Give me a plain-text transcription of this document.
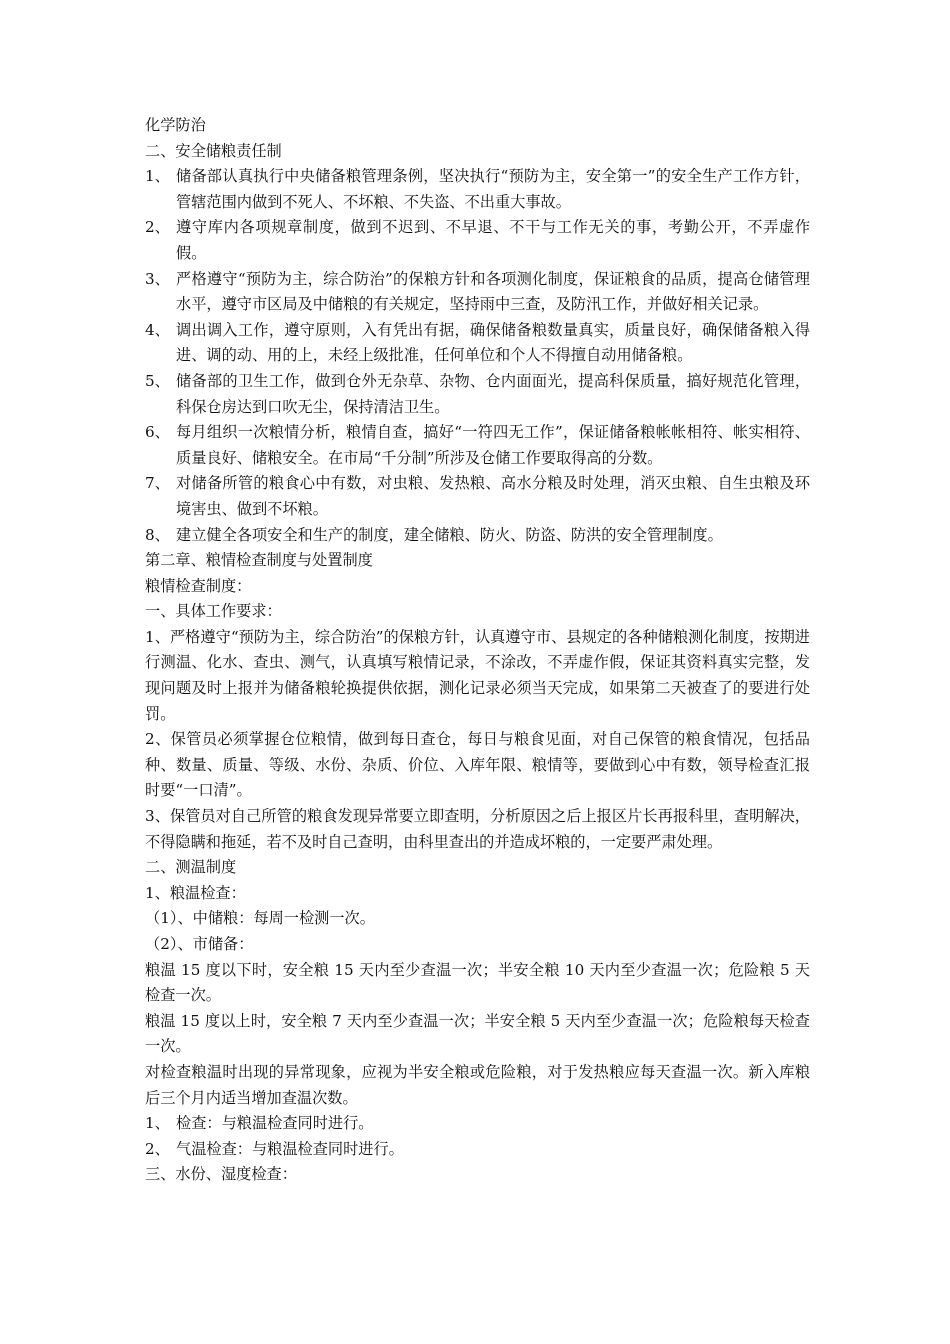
化学防治

二、安全储粮责任制

1、 储备部认真执行中央储备粮管理条例，坚决执行“预防为主，安全第一”的安全生产工作方针，管辖范围内做到不死人、不坏粮、不失盗、不出重大事故。
2、 遵守库内各项规章制度，做到不迟到、不早退、不干与工作无关的事，考勤公开，不弄虚作假。
3、 严格遵守“预防为主，综合防治”的保粮方针和各项测化制度，保证粮食的品质，提高仓储管理水平，遵守市区局及中储粮的有关规定，坚持雨中三查，及防汛工作，并做好相关记录。
4、 调出调入工作，遵守原则，入有凭出有据，确保储备粮数量真实，质量良好，确保储备粮入得进、调的动、用的上，未经上级批准，任何单位和个人不得擅自动用储备粮。
5、 储备部的卫生工作，做到仓外无杂草、杂物、仓内面面光，提高科保质量，搞好规范化管理，科保仓房达到口吹无尘，保持清洁卫生。
6、 每月组织一次粮情分析，粮情自查，搞好“一符四无工作”，保证储备粮帐帐相符、帐实相符、质量良好、储粮安全。在市局“千分制”所涉及仓储工作要取得高的分数。
7、 对储备所管的粮食心中有数，对虫粮、发热粮、高水分粮及时处理，消灭虫粮、自生虫粮及环境害虫、做到不坏粮。
8、 建立健全各项安全和生产的制度，建全储粮、防火、防盗、防洪的安全管理制度。

第二章、粮情检查制度与处置制度

粮情检查制度：

一、具体工作要求：

1、严格遵守“预防为主，综合防治”的保粮方针，认真遵守市、县规定的各种储粮测化制度，按期进行测温、化水、查虫、测气，认真填写粮情记录，不涂改，不弄虚作假，保证其资料真实完整，发现问题及时上报并为储备粮轮换提供依据，测化记录必须当天完成，如果第二天被查了的要进行处罚。

2、保管员必须掌握仓位粮情，做到每日查仓，每日与粮食见面，对自己保管的粮食情况，包括品种、数量、质量、等级、水份、杂质、价位、入库年限、粮情等，要做到心中有数，领导检查汇报时要“一口清”。

3、保管员对自己所管的粮食发现异常要立即查明，分析原因之后上报区片长再报科里，查明解决，不得隐瞒和拖延，若不及时自己查明，由科里查出的并造成坏粮的，一定要严肃处理。

二、测温制度

1、粮温检查：

（1）、中储粮：每周一检测一次。

（2）、市储备：

粮温 15 度以下时，安全粮 15 天内至少查温一次；半安全粮 10 天内至少查温一次；危险粮 5 天检查一次。

粮温 15 度以上时，安全粮 7 天内至少查温一次；半安全粮 5 天内至少查温一次；危险粮每天检查一次。

对检查粮温时出现的异常现象，应视为半安全粮或危险粮，对于发热粮应每天查温一次。新入库粮后三个月内适当增加查温次数。

1、 检查：与粮温检查同时进行。
2、 气温检查：与粮温检查同时进行。

三、水份、湿度检查：
